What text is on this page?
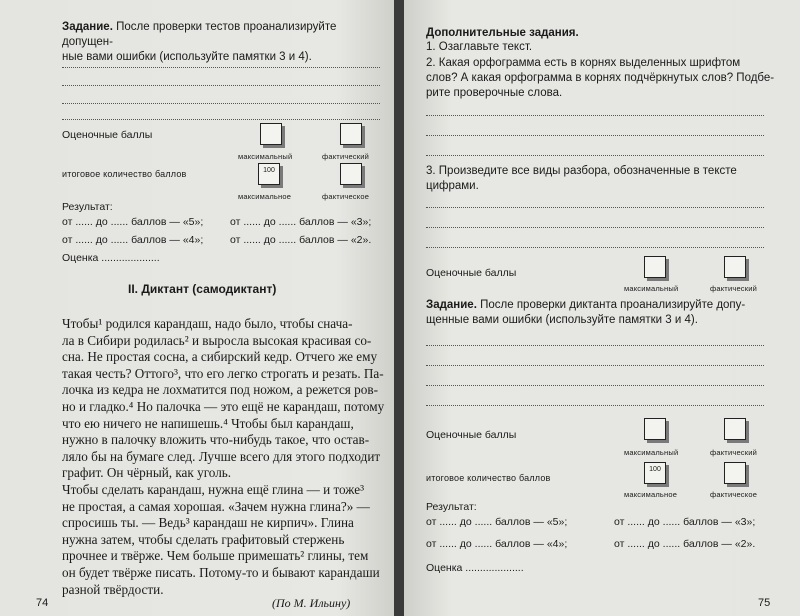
Задание. После проверки тестов проанализируйте допущен-
ные вами ошибки (используйте памятки 3 и 4).
Оценочные баллы
максимальный	фактический
итоговое количество баллов	100
максимальное	фактическое
Результат:
от ...... до ...... баллов — «5»;	от ...... до ...... баллов — «3»;
от ...... до ...... баллов — «4»;	от ...... до ...... баллов — «2».
Оценка ....................
II. Диктант (самодиктант)
Чтобы¹ родился карандаш, надо было, чтобы снача-
ла в Сибири родилась² и выросла высокая красивая со-
сна. Не простая сосна, а сибирский кедр. Отчего же ему
такая честь? Оттого³, что его легко строгать и резать. Па-
лочка из кедра не лохматится под ножом, а режется ров-
но и гладко.⁴ Но палочка — это ещё не карандаш, потому
что ею ничего не напишешь.⁴ Чтобы был карандаш,
нужно в палочку вложить что-нибудь такое, что остав-
ляло бы на бумаге след. Лучше всего для этого подходит
графит. Он чёрный, как уголь.
Чтобы сделать карандаш, нужна ещё глина — и тоже³
не простая, а самая хорошая. «Зачем нужна глина?» —
спросишь ты. — Ведь³ карандаш не кирпич». Глина
нужна затем, чтобы сделать графитовый стержень
прочнее и твёрже. Чем больше примешать² глины, тем
он будет твёрже писать. Потому-то и бывают карандаши
разной твёрдости.
(По М. Ильину)
74
Дополнительные задания.
1. Озаглавьте текст.
2. Какая орфограмма есть в корнях выделенных шрифтом
слов? А какая орфограмма в корнях подчёркнутых слов? Подбе-
рите проверочные слова.
3. Произведите все виды разбора, обозначенные в тексте
цифрами.
Оценочные баллы
максимальный	фактический
Задание. После проверки диктанта проанализируйте допу-
щенные вами ошибки (используйте памятки 3 и 4).
Оценочные баллы
максимальный	фактический
итоговое количество баллов
100
максимальное	фактическое
Результат:
от ...... до ...... баллов — «5»;	от ...... до ...... баллов — «3»;
от ...... до ...... баллов — «4»;	от ...... до ...... баллов — «2».
Оценка ....................
75
